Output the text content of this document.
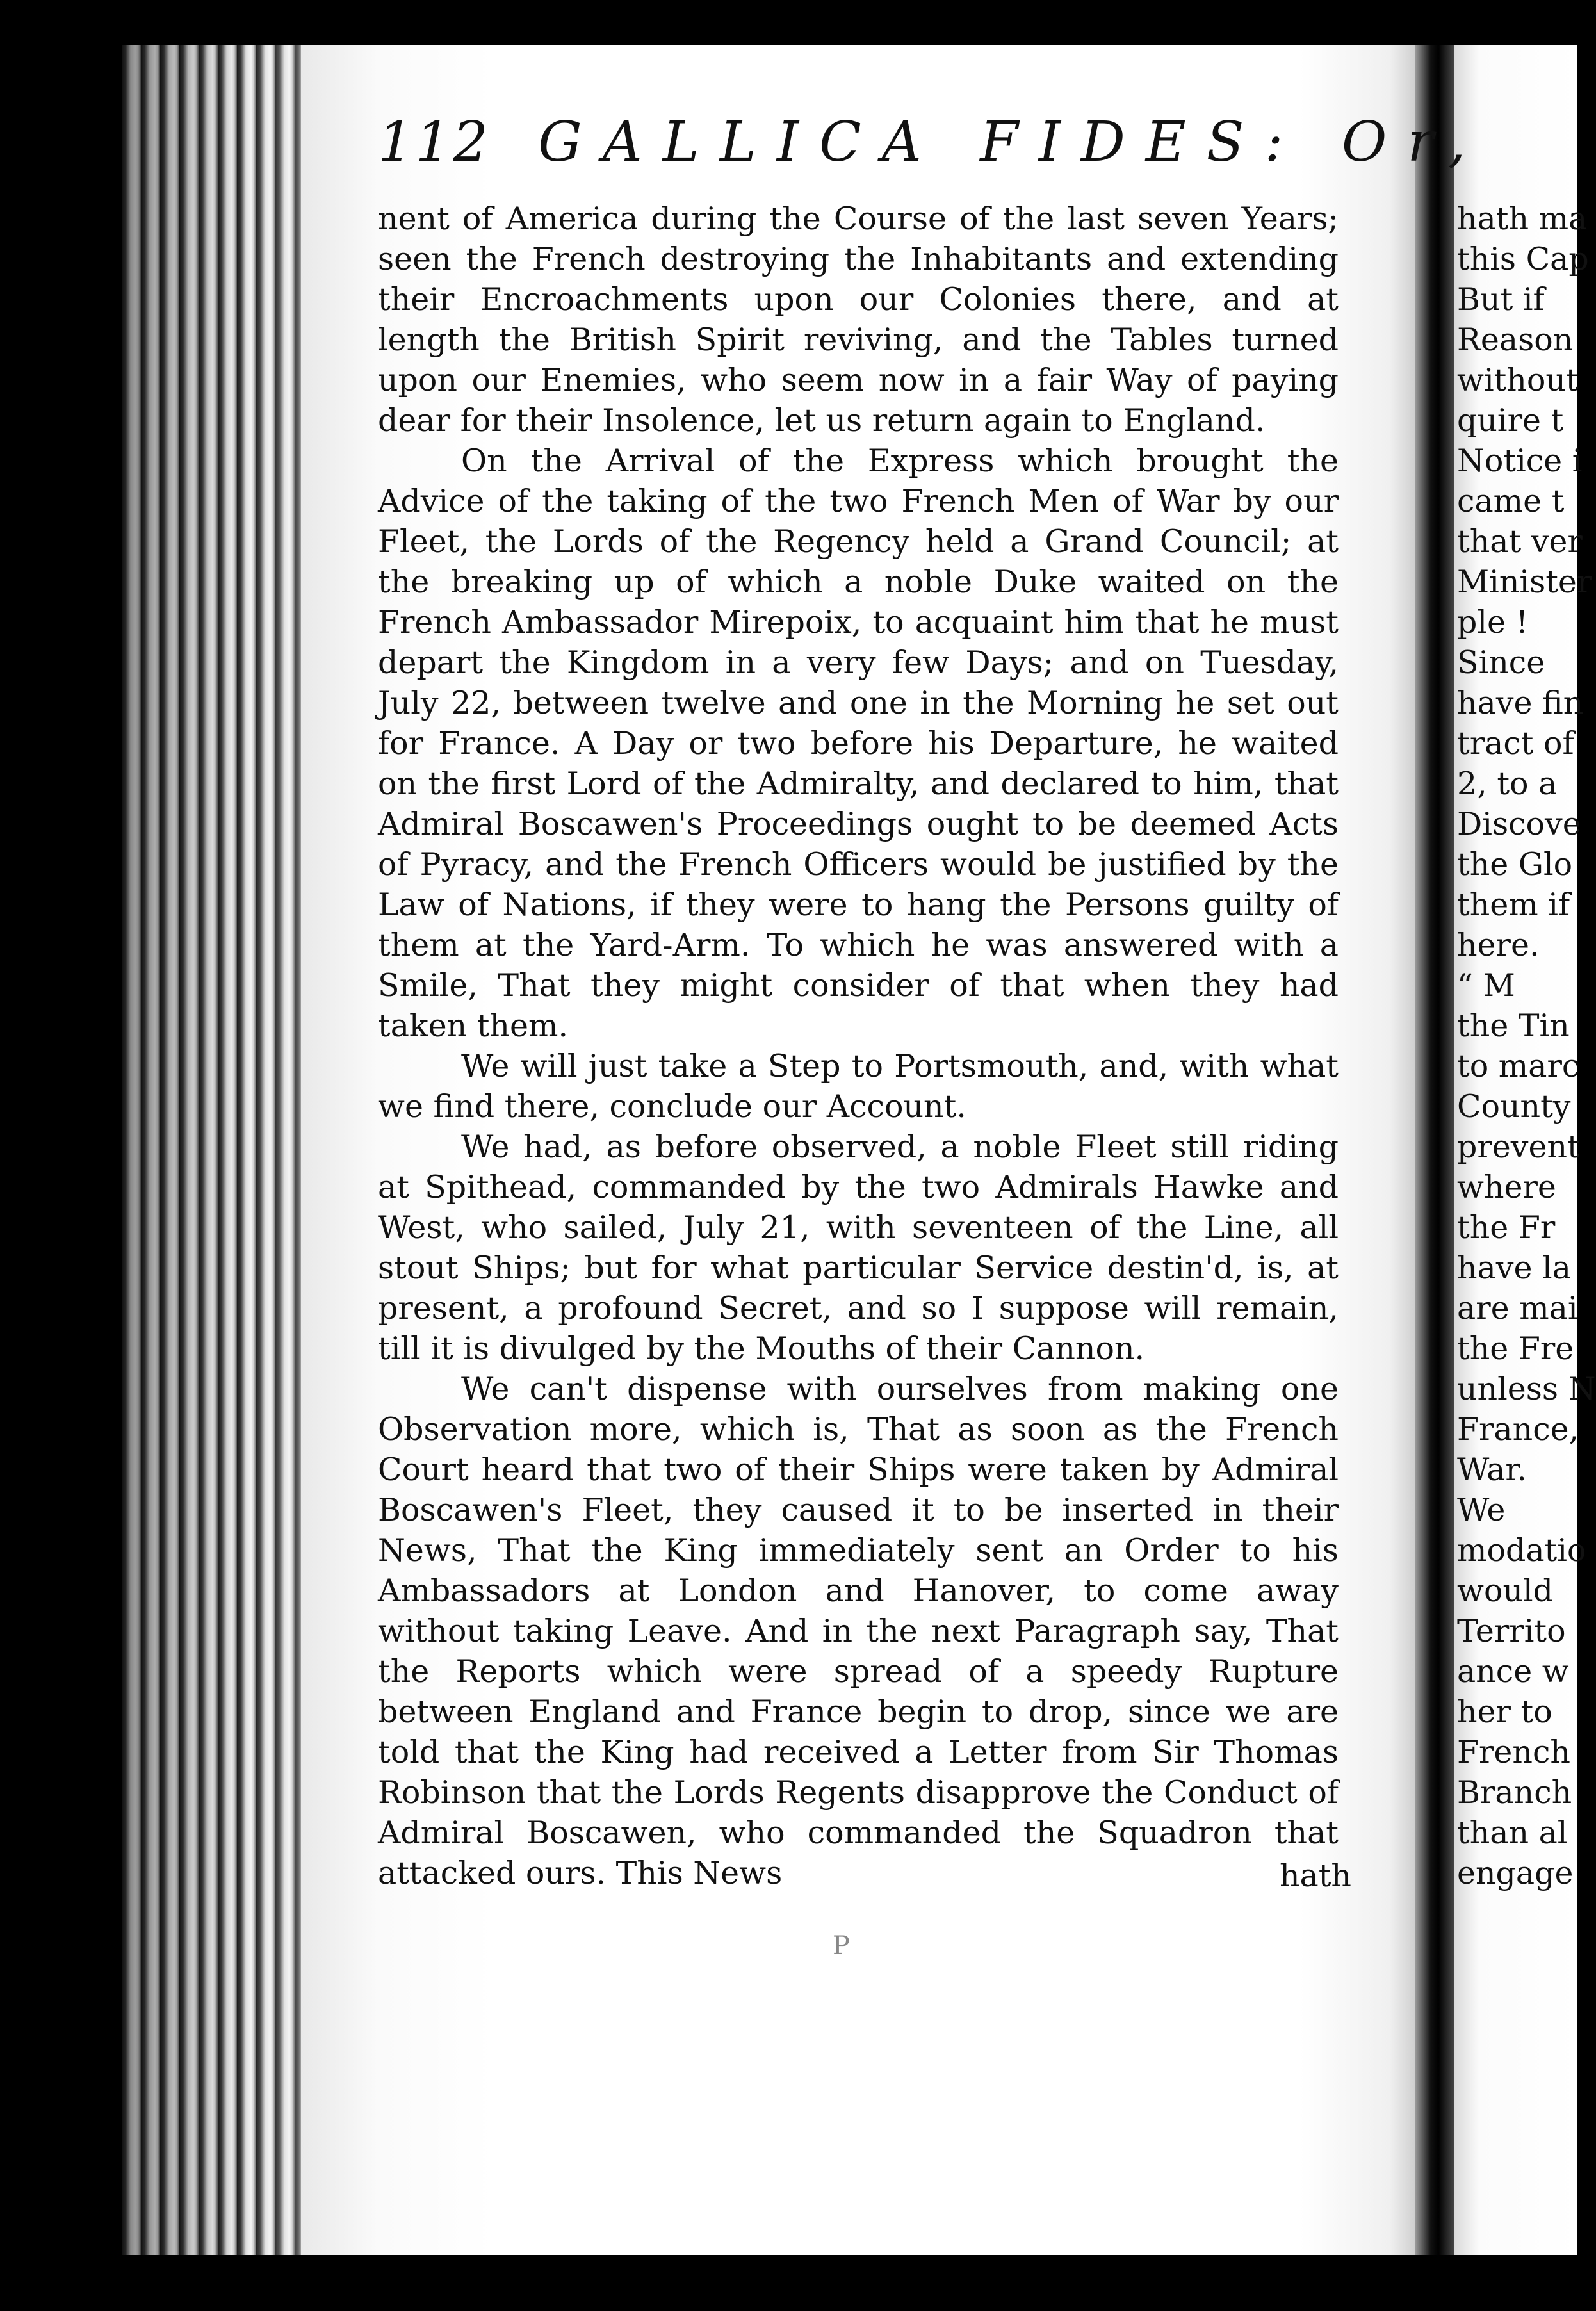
112 GALLICA FIDES: Or,

nent of America during the Course of the last seven Years; seen the French destroying the Inhabitants and extending their Encroachments upon our Colonies there, and at length the British Spirit reviving, and the Tables turned upon our Enemies, who seem now in a fair Way of paying dear for their Insolence, let us return again to England.

On the Arrival of the Express which brought the Advice of the taking of the two French Men of War by our Fleet, the Lords of the Regency held a Grand Council; at the breaking up of which a noble Duke waited on the French Ambassador Mirepoix, to acquaint him that he must depart the Kingdom in a very few Days; and on Tuesday, July 22, between twelve and one in the Morning he set out for France. A Day or two before his Departure, he waited on the first Lord of the Admiralty, and declared to him, that Admiral Boscawen's Proceedings ought to be deemed Acts of Pyracy, and the French Officers would be justified by the Law of Nations, if they were to hang the Persons guilty of them at the Yard-Arm. To which he was answered with a Smile, That they might consider of that when they had taken them.

We will just take a Step to Portsmouth, and, with what we find there, conclude our Account.

We had, as before observed, a noble Fleet still riding at Spithead, commanded by the two Admirals Hawke and West, who sailed, July 21, with seventeen of the Line, all stout Ships; but for what particular Service destin'd, is, at present, a profound Secret, and so I suppose will remain, till it is divulged by the Mouths of their Cannon.

We can't dispense with ourselves from making one Observation more, which is, That as soon as the French Court heard that two of their Ships were taken by Admiral Boscawen's Fleet, they caused it to be inserted in their News, That the King immediately sent an Order to his Ambassadors at London and Hanover, to come away without taking Leave. And in the next Paragraph say, That the Reports which were spread of a speedy Rupture between England and France begin to drop, since we are told that the King had received a Letter from Sir Thomas Robinson that the Lords Regents disapprove the Conduct of Admiral Boscawen, who commanded the Squadron that attacked ours. This News	hath
P
hath ma
this Cap
But if
Reason
without
quire t
Notice i
came t
that ver
Minister
ple !
Since
have fin
tract of
2, to a
Discove
the Glo
them if
here.
“ M
the Tin
to marc
County
prevent
where
the Fr
have la
are mai
the Fre
unless N
France,
War.
We
modatio
would
Territo
ance w
her to
French
Branch
than al
engage
